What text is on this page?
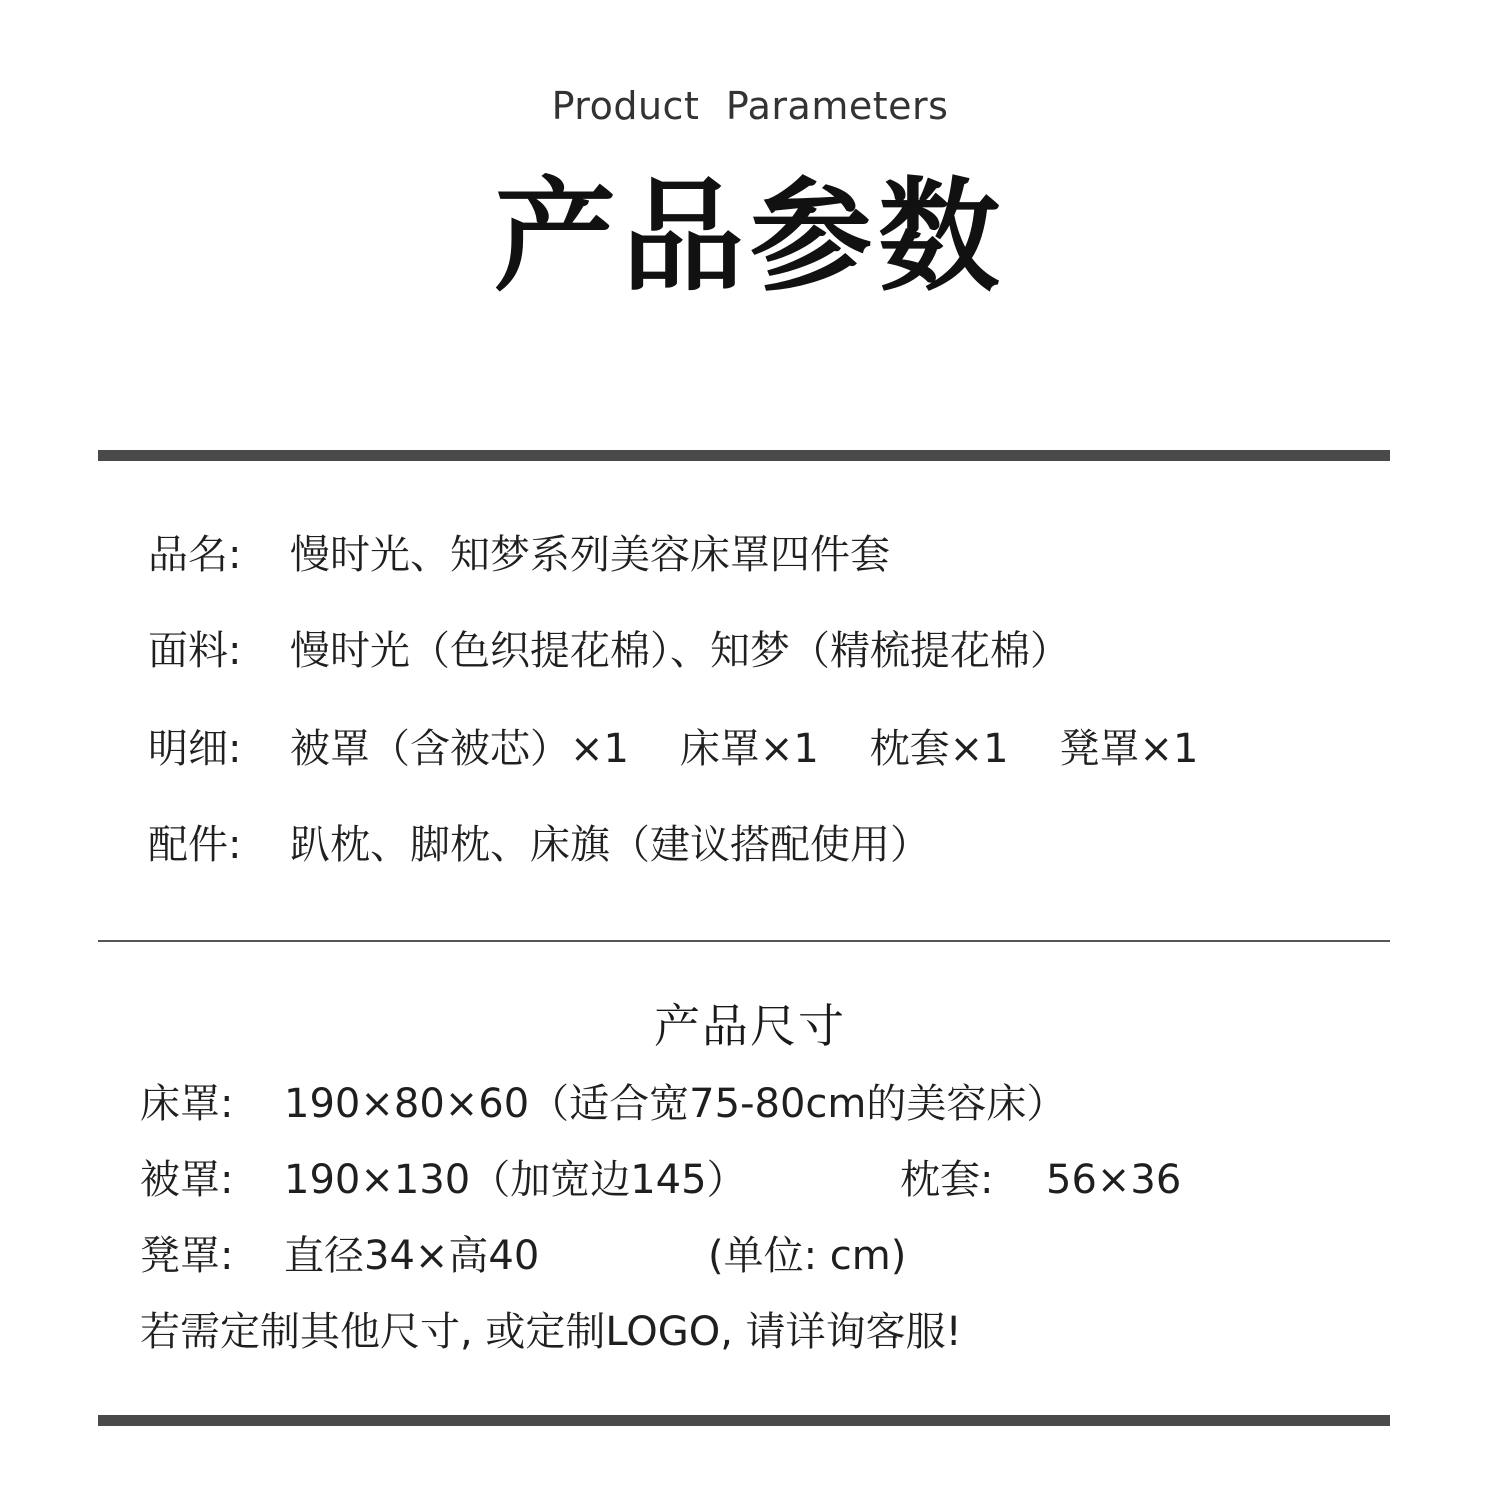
Product Parameters
产品参数
品名: 慢时光、知梦系列美容床罩四件套
面料: 慢时光（色织提花棉）、知梦（精梳提花棉）
明细: 被罩（含被芯）×1    床罩×1    枕套×1    凳罩×1
配件: 趴枕、脚枕、床旗（建议搭配使用）
产品尺寸
床罩: 190×80×60（适合宽75-80cm的美容床）
被罩: 190×130（加宽边145）	枕套: 56×36
凳罩: 直径34×高40	(单位: cm)
若需定制其他尺寸, 或定制LOGO, 请详询客服!
